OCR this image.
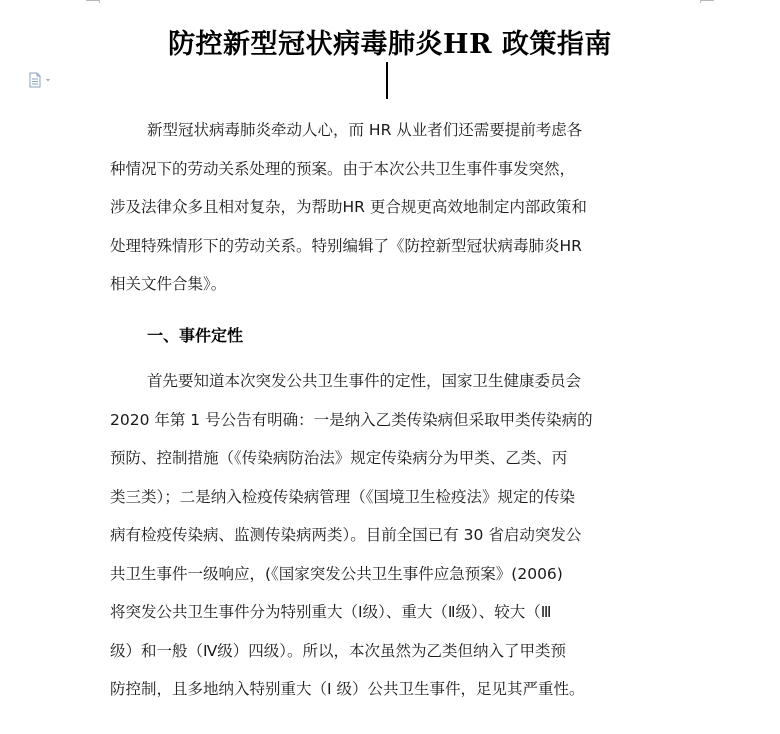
防控新型冠状病毒肺炎HR 政策指南
新型冠状病毒肺炎牵动人心，而 HR 从业者们还需要提前考虑各
种情况下的劳动关系处理的预案。由于本次公共卫生事件事发突然，
涉及法律众多且相对复杂，为帮助HR 更合规更高效地制定内部政策和
处理特殊情形下的劳动关系。特别编辑了《防控新型冠状病毒肺炎HR
相关文件合集》。
一、事件定性
首先要知道本次突发公共卫生事件的定性，国家卫生健康委员会
2020 年第 1 号公告有明确：一是纳入乙类传染病但采取甲类传染病的
预防、控制措施（《传染病防治法》规定传染病分为甲类、乙类、丙
类三类）；二是纳入检疫传染病管理（《国境卫生检疫法》规定的传染
病有检疫传染病、监测传染病两类）。目前全国已有 30 省启动突发公
共卫生事件一级响应，(《国家突发公共卫生事件应急预案》(2006)
将突发公共卫生事件分为特别重大（Ⅰ级）、重大（Ⅱ级）、较大（Ⅲ
级）和一般（Ⅳ级）四级）。所以，本次虽然为乙类但纳入了甲类预
防控制，且多地纳入特别重大（Ⅰ 级）公共卫生事件，足见其严重性。
